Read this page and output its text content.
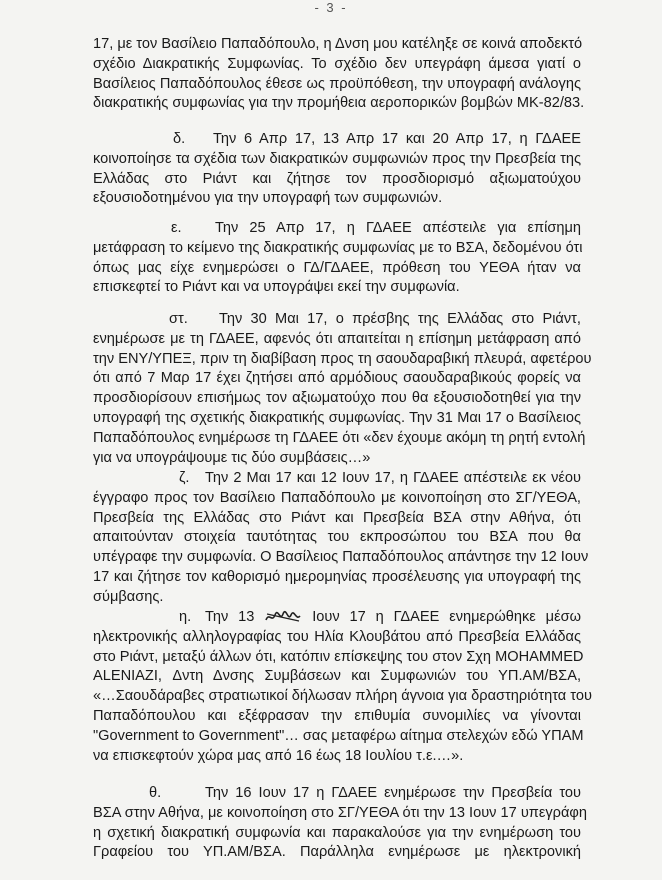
- 3 -
17, με τον Βασίλειο Παπαδόπουλο, η Δνση μου κατέληξε σε κοινά αποδεκτό
σχέδιο Διακρατικής Συμφωνίας. Το σχέδιο δεν υπεγράφη άμεσα γιατί ο
Βασίλειος Παπαδόπουλος έθεσε ως προϋπόθεση, την υπογραφή ανάλογης
διακρατικής συμφωνίας για την προμήθεια αεροπορικών βομβών ΜΚ-82/83.
δ. Την 6 Απρ 17, 13 Απρ 17 και 20 Απρ 17, η ΓΔΑΕΕ
κοινοποίησε τα σχέδια των διακρατικών συμφωνιών προς την Πρεσβεία της
Ελλάδας στο Ριάντ και ζήτησε τον προσδιορισμό αξιωματούχου
εξουσιοδοτημένου για την υπογραφή των συμφωνιών.
ε. Την 25 Απρ 17, η ΓΔΑΕΕ απέστειλε για επίσημη
μετάφραση το κείμενο της διακρατικής συμφωνίας με το ΒΣΑ, δεδομένου ότι
όπως μας είχε ενημερώσει ο ΓΔ/ΓΔΑΕΕ, πρόθεση του ΥΕΘΑ ήταν να
επισκεφτεί το Ριάντ και να υπογράψει εκεί την συμφωνία.
στ. Την 30 Μαι 17, ο πρέσβης της Ελλάδας στο Ριάντ,
ενημέρωσε με τη ΓΔΑΕΕ, αφενός ότι απαιτείται η επίσημη μετάφραση από
την ΕΝΥ/ΥΠΕΞ, πριν τη διαβίβαση προς τη σαουδαραβική πλευρά, αφετέρου
ότι από 7 Μαρ 17 έχει ζητήσει από αρμόδιους σαουδαραβικούς φορείς να
προσδιορίσουν επισήμως τον αξιωματούχο που θα εξουσιοδοτηθεί για την
υπογραφή της σχετικής διακρατικής συμφωνίας. Την 31 Μαι 17 ο Βασίλειος
Παπαδόπουλος ενημέρωσε τη ΓΔΑΕΕ ότι «δεν έχουμε ακόμη τη ρητή εντολή
για να υπογράψουμε τις δύο συμβάσεις…»
ζ. Την 2 Μαι 17 και 12 Ιουν 17, η ΓΔΑΕΕ απέστειλε εκ νέου
έγγραφο προς τον Βασίλειο Παπαδόπουλο με κοινοποίηση στο ΣΓ/ΥΕΘΑ,
Πρεσβεία της Ελλάδας στο Ριάντ και Πρεσβεία ΒΣΑ στην Αθήνα, ότι
απαιτούνταν στοιχεία ταυτότητας του εκπροσώπου του ΒΣΑ που θα
υπέγραφε την συμφωνία. Ο Βασίλειος Παπαδόπουλος απάντησε την 12 Ιουν
17 και ζήτησε τον καθορισμό ημερομηνίας προσέλευσης για υπογραφή της
σύμβασης.
η. Την 13	Ιουν 17 η ΓΔΑΕΕ ενημερώθηκε μέσω
ηλεκτρονικής αλληλογραφίας του Ηλία Κλουβάτου από Πρεσβεία Ελλάδας
στο Ριάντ, μεταξύ άλλων ότι, κατόπιν επίσκεψης του στον Σχη MOHAMMED
ALENIAZI, Δντη Δνσης Συμβάσεων και Συμφωνιών του ΥΠ.ΑΜ/ΒΣΑ,
«…Σαουδάραβες στρατιωτικοί δήλωσαν πλήρη άγνοια για δραστηριότητα του
Παπαδόπουλου και εξέφρασαν την επιθυμία συνομιλίες να γίνονται
"Government to Government"… σας μεταφέρω αίτημα στελεχών εδώ ΥΠΑΜ
να επισκεφτούν χώρα μας από 16 έως 18 Ιουλίου τ.ε.…».
θ.	Την 16 Ιουν 17 η ΓΔΑΕΕ ενημέρωσε την Πρεσβεία του
ΒΣΑ στην Αθήνα, με κοινοποίηση στο ΣΓ/ΥΕΘΑ ότι την 13 Ιουν 17 υπεγράφη
η σχετική διακρατική συμφωνία και παρακαλούσε για την ενημέρωση του
Γραφείου του ΥΠ.ΑΜ/ΒΣΑ. Παράλληλα ενημέρωσε με ηλεκτρονική
